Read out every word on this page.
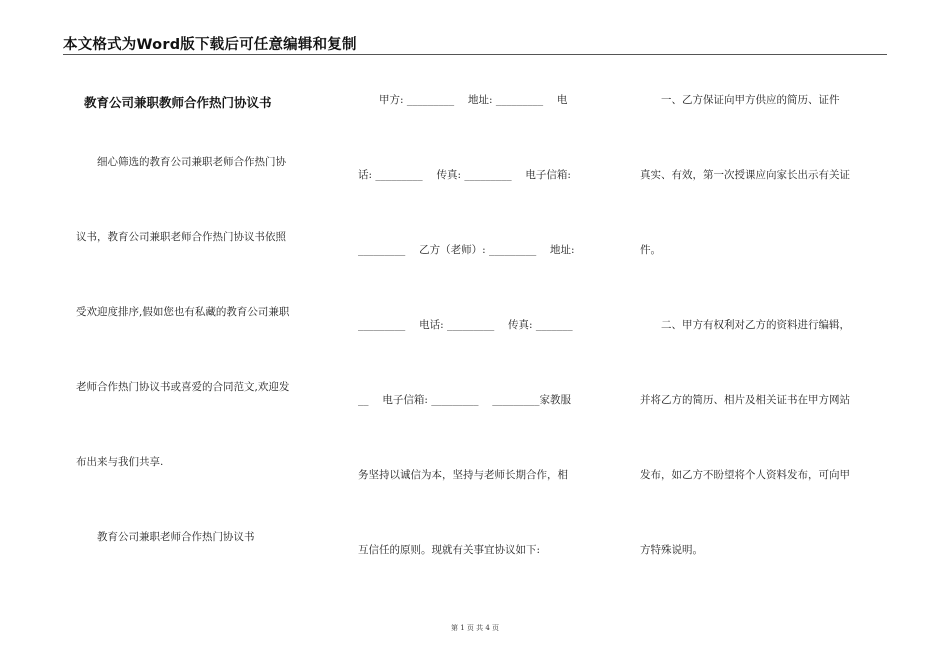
本文格式为Word版下载后可任意编辑和复制
教育公司兼职教师合作热门协议书
　　细心筛选的教育公司兼职老师合作热门协
议书，教育公司兼职老师合作热门协议书依照
受欢迎度排序,假如您也有私藏的教育公司兼职
老师合作热门协议书或喜爱的合同范文,欢迎发
布出来与我们共享.
　　教育公司兼职老师合作热门协议书
　　甲方: _________　 地址: _________　 电
话: _________　 传真: _________　 电子信箱:
_________　 乙方（老师）: _________　 地址:
_________　 电话: _________　 传真: _______
__　 电子信箱: _________　 _________家教服
务坚持以诚信为本，坚持与老师长期合作，相
互信任的原则。现就有关事宜协议如下:
　　一、乙方保证向甲方供应的简历、证件
真实、有效，第一次授课应向家长出示有关证
件。
　　二、甲方有权利对乙方的资料进行编辑，
并将乙方的简历、相片及相关证书在甲方网站
发布，如乙方不盼望将个人资料发布，可向甲
方特殊说明。
第 1 页 共 4 页
